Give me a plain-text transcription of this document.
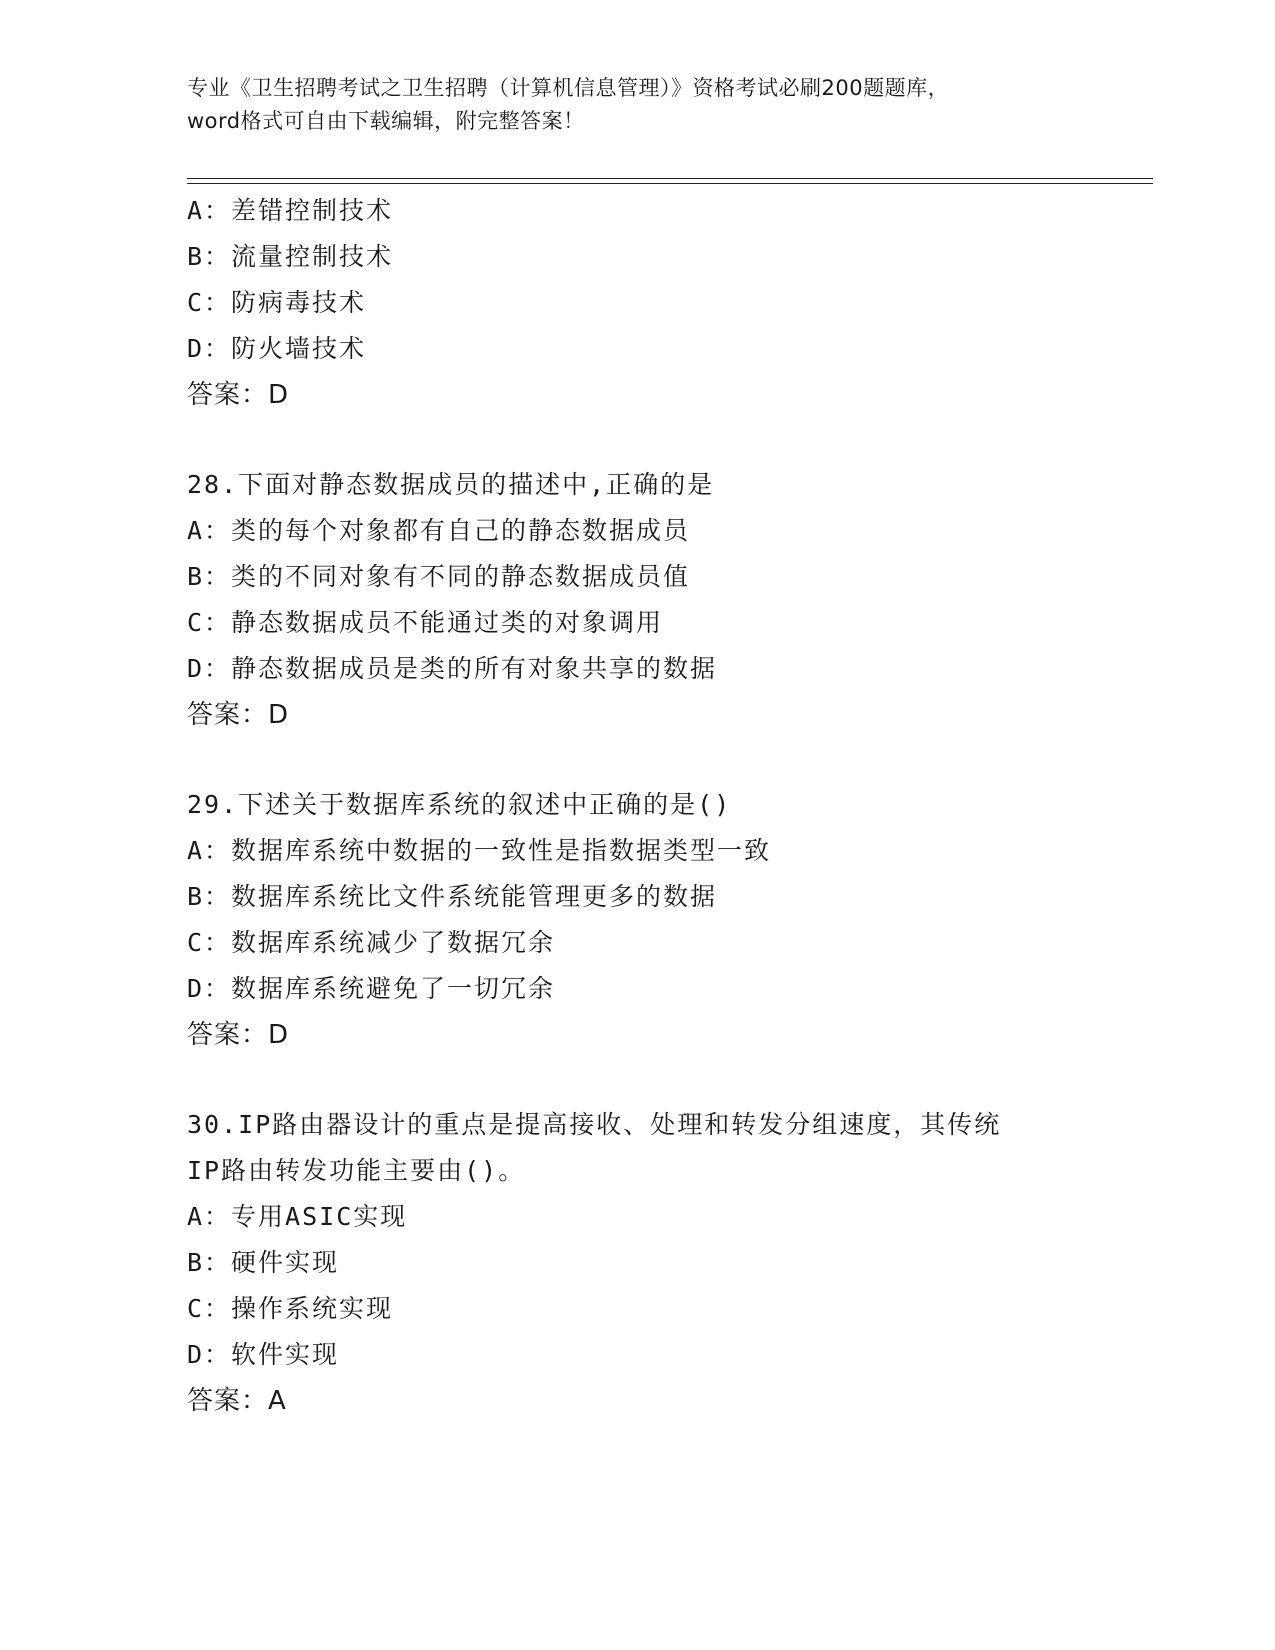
专业《卫生招聘考试之卫生招聘（计算机信息管理）》资格考试必刷200题题库，
word格式可自由下载编辑，附完整答案！
A：差错控制技术
B：流量控制技术
C：防病毒技术
D：防火墙技术
答案：D
28.下面对静态数据成员的描述中,正确的是
A：类的每个对象都有自己的静态数据成员
B：类的不同对象有不同的静态数据成员值
C：静态数据成员不能通过类的对象调用
D：静态数据成员是类的所有对象共享的数据
答案：D
29.下述关于数据库系统的叙述中正确的是()
A：数据库系统中数据的一致性是指数据类型一致
B：数据库系统比文件系统能管理更多的数据
C：数据库系统减少了数据冗余
D：数据库系统避免了一切冗余
答案：D
30.IP路由器设计的重点是提高接收、处理和转发分组速度，其传统
IP路由转发功能主要由()。
A：专用ASIC实现
B：硬件实现
C：操作系统实现
D：软件实现
答案：A
